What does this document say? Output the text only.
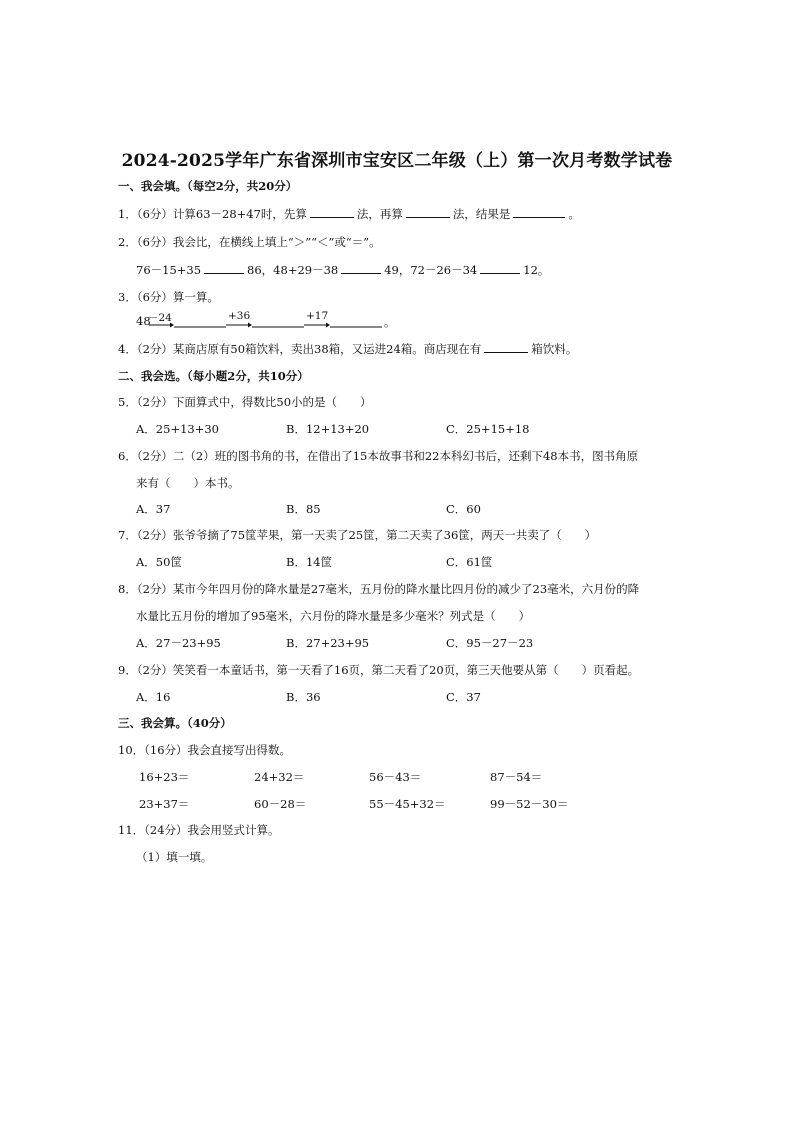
2024-2025学年广东省深圳市宝安区二年级（上）第一次月考数学试卷
一、我会填。（每空2分，共20分）
1．（6分）计算63－28+47时，先算	法，再算	法，结果是	。
2．（6分）我会比，在横线上填上“＞”“＜”或“＝”。
76－15+35	86，48+29－38	49，72－26－34	12。
3．（6分）算一算。
48
－24	+36	+17	。
4．（2分）某商店原有50箱饮料，卖出38箱，又运进24箱。商店现在有	箱饮料。
二、我会选。（每小题2分，共10分）
5．（2分）下面算式中，得数比50小的是（　　）
A．25+13+30	B．12+13+20	C．25+15+18
6．（2分）二（2）班的图书角的书，在借出了15本故事书和22本科幻书后，还剩下48本书，图书角原
来有（　　）本书。
A．37	B．85	C．60
7．（2分）张爷爷摘了75筐苹果，第一天卖了25筐，第二天卖了36筐，两天一共卖了（　　）
A．50筐	B．14筐	C．61筐
8．（2分）某市今年四月份的降水量是27毫米，五月份的降水量比四月份的减少了23毫米，六月份的降
水量比五月份的增加了95毫米，六月份的降水量是多少毫米？列式是（　　）
A．27－23+95	B．27+23+95	C．95－27－23
9．（2分）笑笑看一本童话书，第一天看了16页，第二天看了20页，第三天他要从第（　　）页看起。
A．16	B．36	C．37
三、我会算。（40分）
10．（16分）我会直接写出得数。
16+23＝	24+32＝	56－43＝	87－54＝
23+37＝	60－28＝	55－45+32＝	99－52－30＝
11．（24分）我会用竖式计算。
（1）填一填。
